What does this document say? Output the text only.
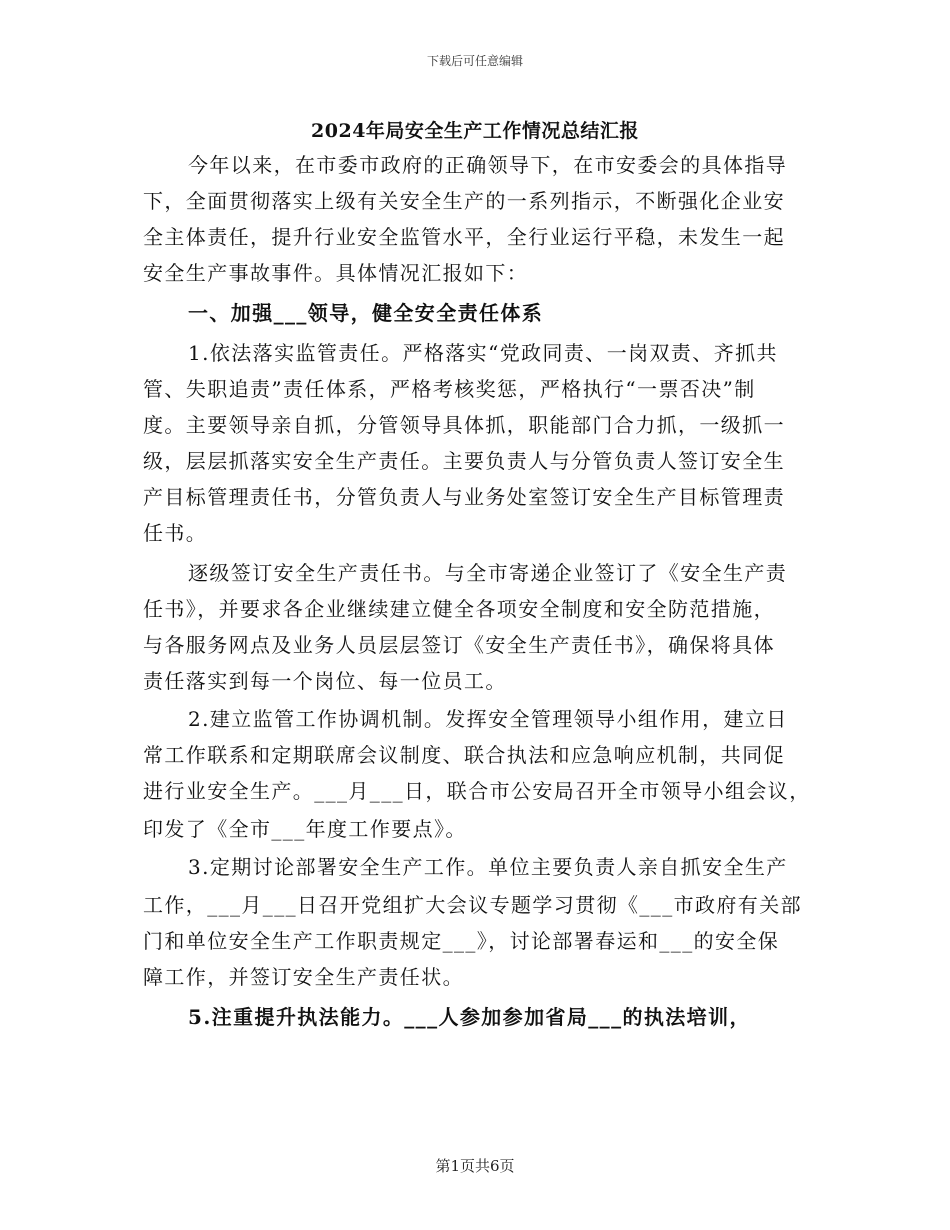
下载后可任意编辑
2024年局安全生产工作情况总结汇报
今年以来，在市委市政府的正确领导下，在市安委会的具体指导
下，全面贯彻落实上级有关安全生产的一系列指示，不断强化企业安
全主体责任，提升行业安全监管水平，全行业运行平稳，未发生一起
安全生产事故事件。具体情况汇报如下：
一、加强___领导，健全安全责任体系
1.依法落实监管责任。严格落实“党政同责、一岗双责、齐抓共
管、失职追责”责任体系，严格考核奖惩，严格执行“一票否决”制
度。主要领导亲自抓，分管领导具体抓，职能部门合力抓，一级抓一
级，层层抓落实安全生产责任。主要负责人与分管负责人签订安全生
产目标管理责任书，分管负责人与业务处室签订安全生产目标管理责
任书。
逐级签订安全生产责任书。与全市寄递企业签订了《安全生产责
任书》，并要求各企业继续建立健全各项安全制度和安全防范措施，
与各服务网点及业务人员层层签订《安全生产责任书》，确保将具体
责任落实到每一个岗位、每一位员工。
2.建立监管工作协调机制。发挥安全管理领导小组作用，建立日
常工作联系和定期联席会议制度、联合执法和应急响应机制，共同促
进行业安全生产。___月___日，联合市公安局召开全市领导小组会议，
印发了《全市___年度工作要点》。
3.定期讨论部署安全生产工作。单位主要负责人亲自抓安全生产
工作，___月___日召开党组扩大会议专题学习贯彻《___市政府有关部
门和单位安全生产工作职责规定___》，讨论部署春运和___的安全保
障工作，并签订安全生产责任状。
5.注重提升执法能力。___人参加参加省局___的执法培训，
第1页共6页
